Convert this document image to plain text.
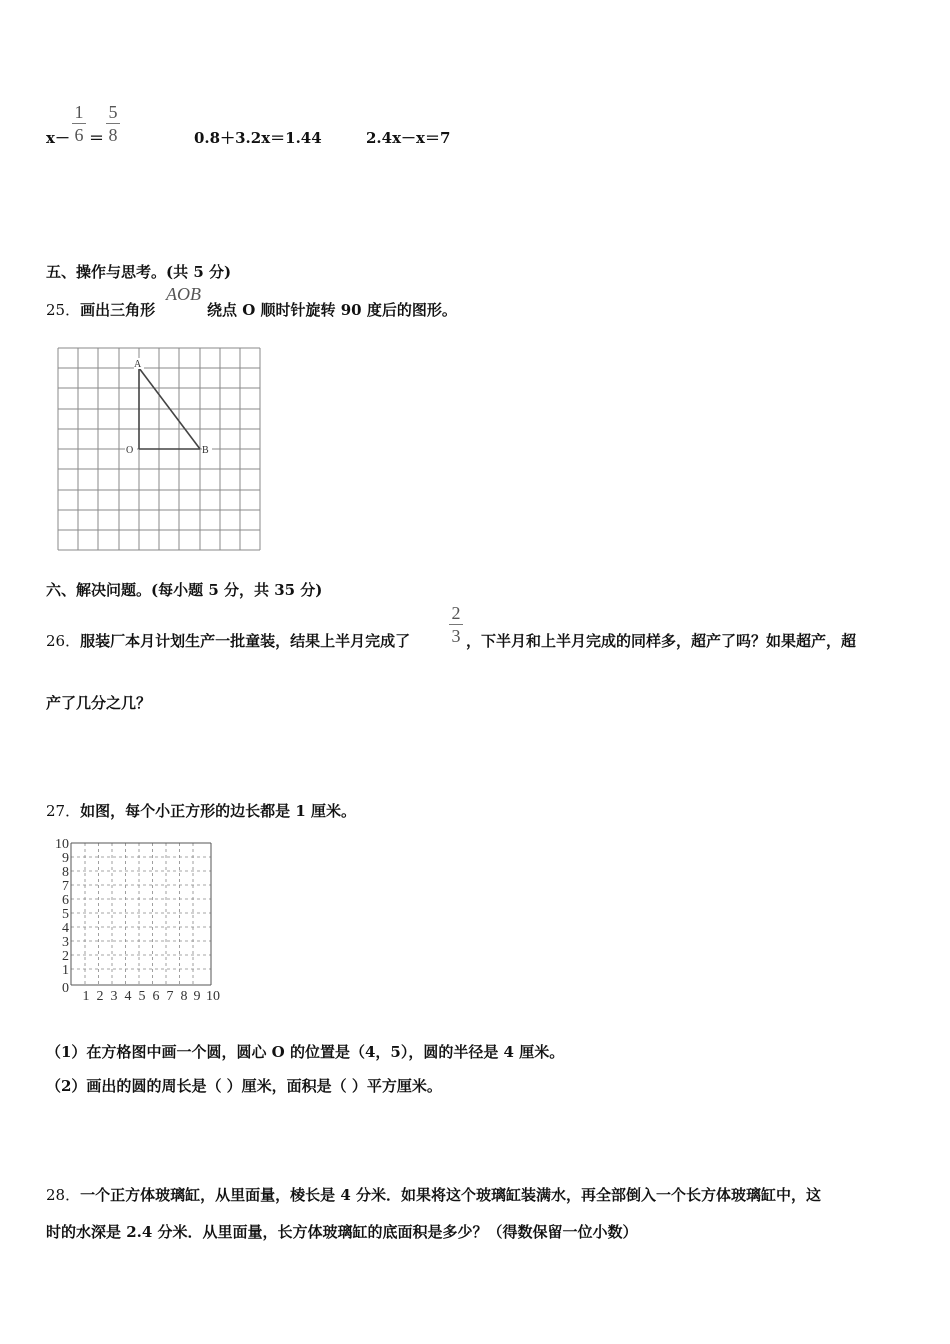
x－
1
6 ＝
5
8	0.8＋3.2x＝1.44	2.4x－x＝7
五、操作与思考。(共 5 分)
25．画出三角形
AOB
绕点 O 顺时针旋转 90 度后的图形。
A
O	B
六、解决问题。(每小题 5 分，共 35 分)
26．服装厂本月计划生产一批童装，结果上半月完成了
2
3 ，下半月和上半月完成的同样多，超产了吗？如果超产，超
产了几分之几？
27．如图，每个小正方形的边长都是 1 厘米。
10
9
8
7
6
5
4
3
2
1
0
1 2 3 4 5 6 7 8 9 10
（1）在方格图中画一个圆，圆心 O 的位置是（4，5），圆的半径是 4 厘米。
（2）画出的圆的周长是（ ）厘米，面积是（ ）平方厘米。
28．一个正方体玻璃缸，从里面量，棱长是 4 分米．如果将这个玻璃缸装满水，再全部倒入一个长方体玻璃缸中，这
时的水深是 2.4 分米．从里面量，长方体玻璃缸的底面积是多少？（得数保留一位小数）
